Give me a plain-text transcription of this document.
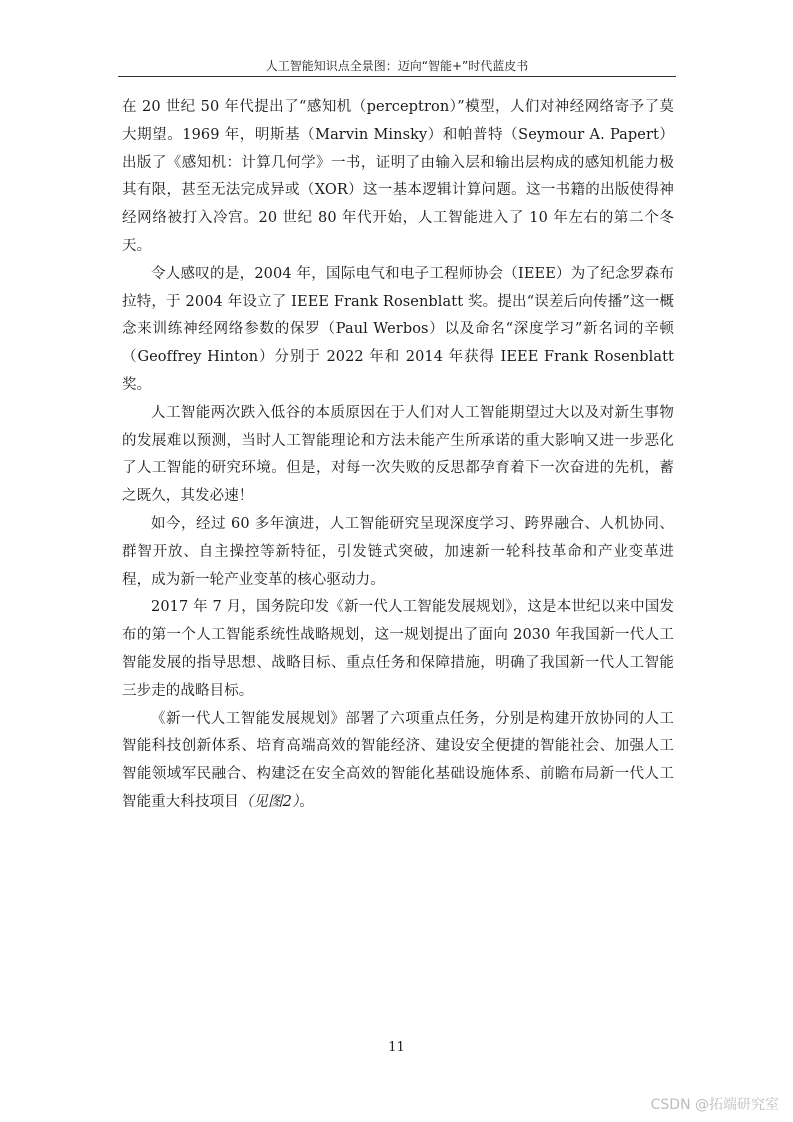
人工智能知识点全景图：迈向“智能+”时代蓝皮书

在 20 世纪 50 年代提出了“感知机（perceptron）”模型，人们对神经网络寄予了莫大期望。1969 年，明斯基（Marvin Minsky）和帕普特（Seymour A. Papert）出版了《感知机：计算几何学》一书，证明了由输入层和输出层构成的感知机能力极其有限，甚至无法完成异或（XOR）这一基本逻辑计算问题。这一书籍的出版使得神经网络被打入冷宫。20 世纪 80 年代开始，人工智能进入了 10 年左右的第二个冬天。

令人感叹的是，2004 年，国际电气和电子工程师协会（IEEE）为了纪念罗森布拉特，于 2004 年设立了 IEEE Frank Rosenblatt 奖。提出“误差后向传播”这一概念来训练神经网络参数的保罗（Paul Werbos）以及命名“深度学习”新名词的辛顿（Geoffrey Hinton）分别于 2022 年和 2014 年获得 IEEE Frank Rosenblatt 奖。

人工智能两次跌入低谷的本质原因在于人们对人工智能期望过大以及对新生事物的发展难以预测，当时人工智能理论和方法未能产生所承诺的重大影响又进一步恶化了人工智能的研究环境。但是，对每一次失败的反思都孕育着下一次奋进的先机，蓄之既久，其发必速！

如今，经过 60 多年演进，人工智能研究呈现深度学习、跨界融合、人机协同、群智开放、自主操控等新特征，引发链式突破，加速新一轮科技革命和产业变革进程，成为新一轮产业变革的核心驱动力。

2017 年 7 月，国务院印发《新一代人工智能发展规划》，这是本世纪以来中国发布的第一个人工智能系统性战略规划，这一规划提出了面向 2030 年我国新一代人工智能发展的指导思想、战略目标、重点任务和保障措施，明确了我国新一代人工智能三步走的战略目标。

《新一代人工智能发展规划》部署了六项重点任务，分别是构建开放协同的人工智能科技创新体系、培育高端高效的智能经济、建设安全便捷的智能社会、加强人工智能领域军民融合、构建泛在安全高效的智能化基础设施体系、前瞻布局新一代人工智能重大科技项目（见图2）。

11
CSDN @拓端研究室
